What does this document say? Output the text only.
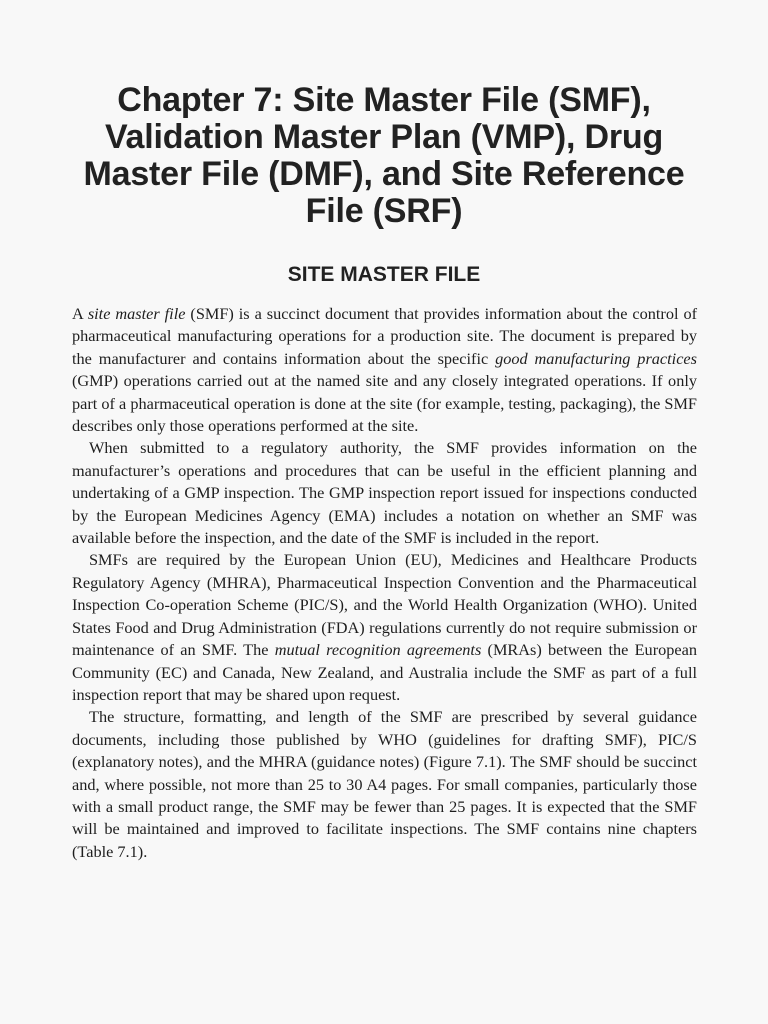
Chapter 7: Site Master File (SMF), Validation Master Plan (VMP), Drug Master File (DMF), and Site Reference File (SRF)
SITE MASTER FILE

A site master file (SMF) is a succinct document that provides information about the control of pharmaceutical manufacturing operations for a production site. The document is prepared by the manufacturer and contains information about the specific good manufacturing practices (GMP) operations carried out at the named site and any closely integrated operations. If only part of a pharmaceutical operation is done at the site (for example, testing, packaging), the SMF describes only those operations performed at the site.

When submitted to a regulatory authority, the SMF provides information on the manufacturer’s operations and procedures that can be useful in the efficient planning and undertaking of a GMP inspection. The GMP inspection report issued for inspections conducted by the European Medicines Agency (EMA) includes a notation on whether an SMF was available before the inspection, and the date of the SMF is included in the report.

SMFs are required by the European Union (EU), Medicines and Healthcare Products Regulatory Agency (MHRA), Pharmaceutical Inspection Convention and the Pharmaceutical Inspection Co-operation Scheme (PIC/S), and the World Health Organization (WHO). United States Food and Drug Administration (FDA) regulations currently do not require submission or maintenance of an SMF. The mutual recognition agreements (MRAs) between the European Community (EC) and Canada, New Zealand, and Australia include the SMF as part of a full inspection report that may be shared upon request.

The structure, formatting, and length of the SMF are prescribed by several guidance documents, including those published by WHO (guidelines for drafting SMF), PIC/S (explanatory notes), and the MHRA (guidance notes) (Figure 7.1). The SMF should be succinct and, where possible, not more than 25 to 30 A4 pages. For small companies, particularly those with a small product range, the SMF may be fewer than 25 pages. It is expected that the SMF will be maintained and improved to facilitate inspections. The SMF contains nine chapters (Table 7.1).
